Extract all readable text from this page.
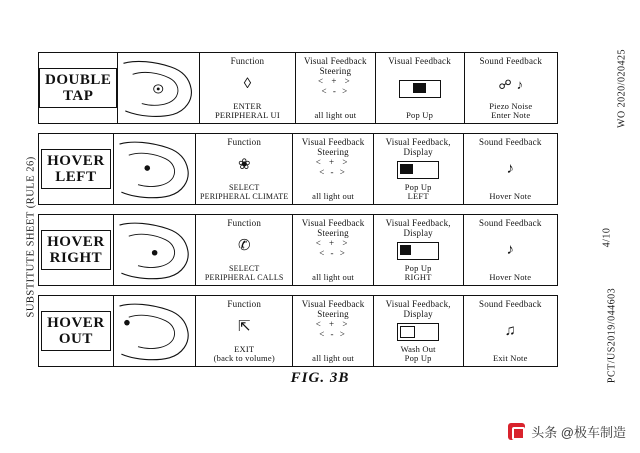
SUBSTITUTE SHEET (RULE 26)
WO 2020/020425
4/10
PCT/US2019/044603
DOUBLE
TAP
Function
◊
ENTER
PERIPHERAL UI
Visual Feedback
Steering
< + >
< - >
all light out
Visual Feedback
Pop Up
Sound Feedback
☍ ♪
Piezo Noise
Enter Note
HOVER
LEFT
Function
❀
SELECT
PERIPHERAL CLIMATE
Visual Feedback
Steering
< + >
< - >
all light out
Visual Feedback, Display
Pop Up
LEFT
Sound Feedback
♪
Hover Note
HOVER
RIGHT
Function
✆
SELECT
PERIPHERAL CALLS
Visual Feedback
Steering
< + >
< - >
all light out
Visual Feedback, Display
Pop Up
RIGHT
Sound Feedback
♪
Hover Note
HOVER
OUT
Function
⇱
EXIT
(back to volume)
Visual Feedback
Steering
< + >
< - >
all light out
Visual Feedback, Display
Wash Out
Pop Up
Sound Feedback
♫
Exit Note
FIG. 3B
头条 @极车制造
